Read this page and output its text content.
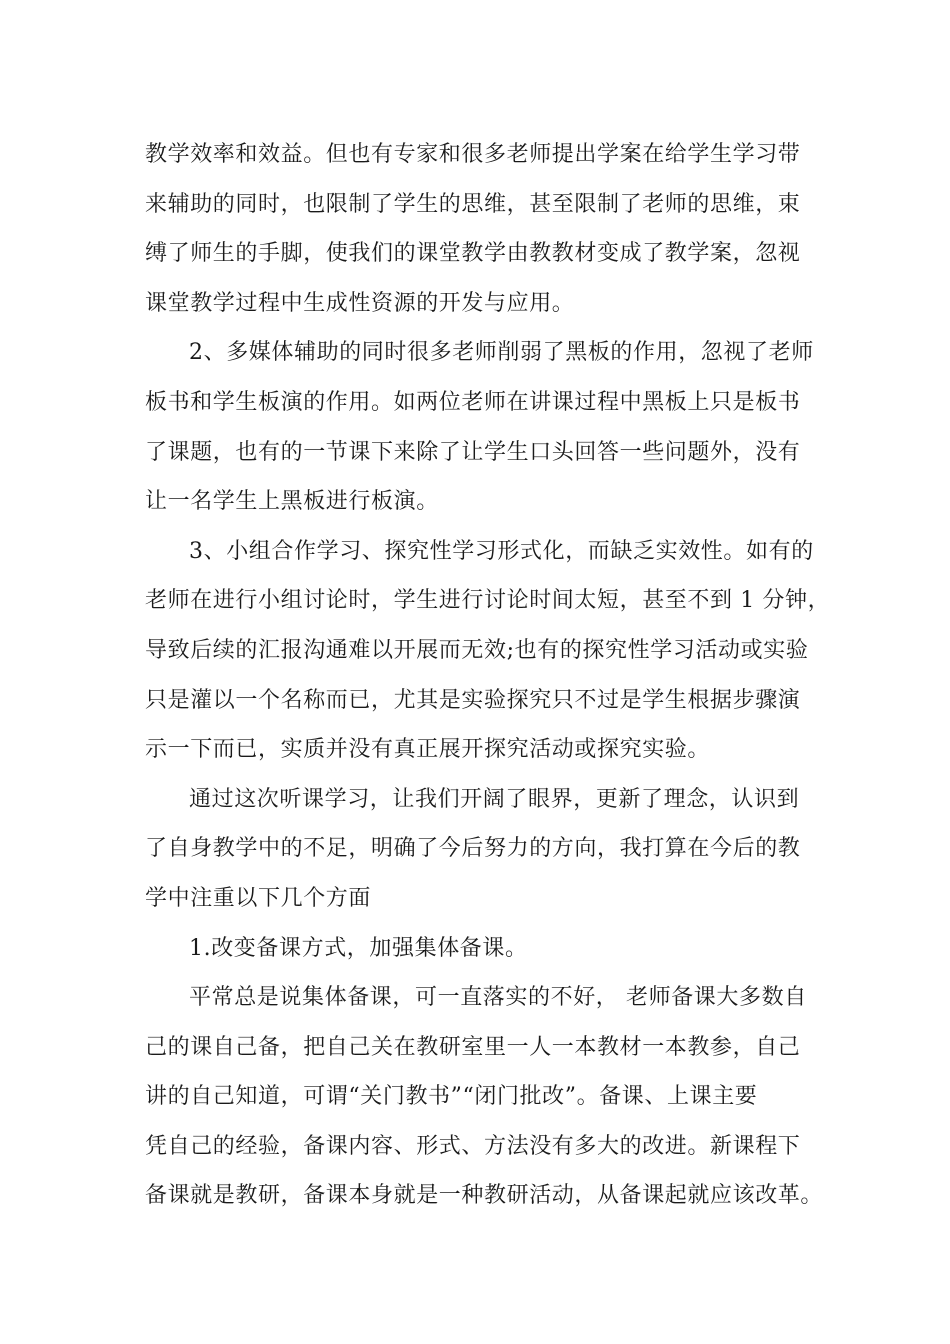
教学效率和效益。但也有专家和很多老师提出学案在给学生学习带
来辅助的同时，也限制了学生的思维，甚至限制了老师的思维，束
缚了师生的手脚，使我们的课堂教学由教教材变成了教学案，忽视
课堂教学过程中生成性资源的开发与应用。

2、多媒体辅助的同时很多老师削弱了黑板的作用，忽视了老师
板书和学生板演的作用。如两位老师在讲课过程中黑板上只是板书
了课题，也有的一节课下来除了让学生口头回答一些问题外，没有
让一名学生上黑板进行板演。

3、小组合作学习、探究性学习形式化，而缺乏实效性。如有的
老师在进行小组讨论时，学生进行讨论时间太短，甚至不到 1 分钟，
导致后续的汇报沟通难以开展而无效;也有的探究性学习活动或实验
只是灌以一个名称而已，尤其是实验探究只不过是学生根据步骤演
示一下而已，实质并没有真正展开探究活动或探究实验。

通过这次听课学习，让我们开阔了眼界，更新了理念，认识到
了自身教学中的不足，明确了今后努力的方向，我打算在今后的教
学中注重以下几个方面

1.改变备课方式，加强集体备课。

平常总是说集体备课，可一直落实的不好， 老师备课大多数自
己的课自己备，把自己关在教研室里一人一本教材一本教参，自己
讲的自己知道，可谓“关门教书”“闭门批改”。备课、上课主要
凭自己的经验，备课内容、形式、方法没有多大的改进。新课程下
备课就是教研，备课本身就是一种教研活动，从备课起就应该改革。
